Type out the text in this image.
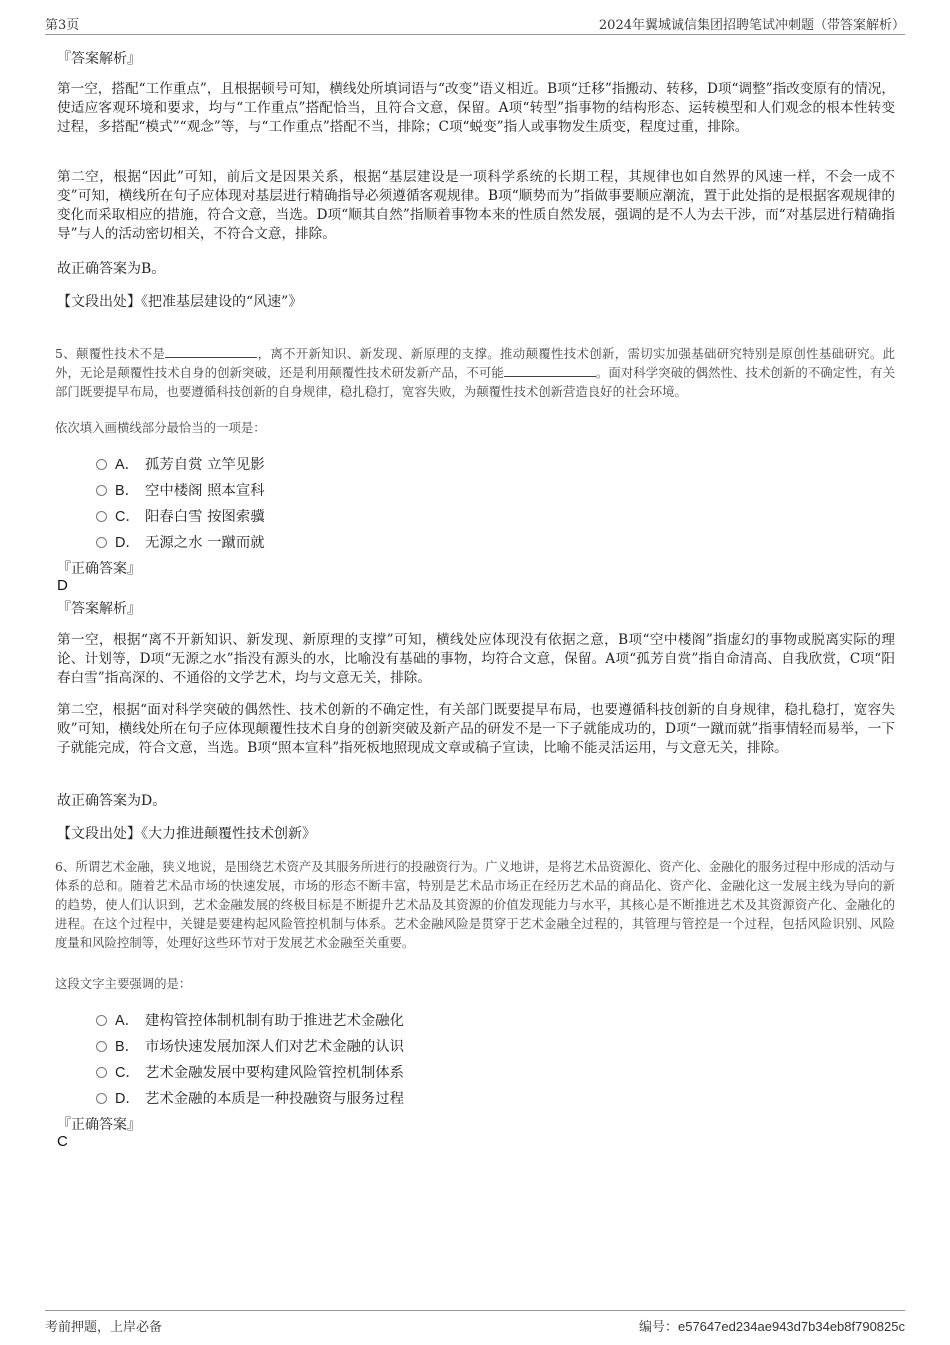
第3页	2024年翼城诚信集团招聘笔试冲刺题（带答案解析）
『答案解析』

第一空，搭配“工作重点”，且根据顿号可知，横线处所填词语与“改变”语义相近。B项“迁移”指搬动、转移，D项“调整”指改变原有的情况，使适应客观环境和要求，均与“工作重点”搭配恰当，且符合文意，保留。A项“转型”指事物的结构形态、运转模型和人们观念的根本性转变过程，多搭配“模式”“观念”等，与“工作重点”搭配不当，排除；C项“蜕变”指人或事物发生质变，程度过重，排除。

第二空，根据“因此”可知，前后文是因果关系，根据“基层建设是一项科学系统的长期工程，其规律也如自然界的风速一样，不会一成不变”可知，横线所在句子应体现对基层进行精确指导必须遵循客观规律。B项“顺势而为”指做事要顺应潮流，置于此处指的是根据客观规律的变化而采取相应的措施，符合文意，当选。D项“顺其自然”指顺着事物本来的性质自然发展，强调的是不人为去干涉，而“对基层进行精确指导”与人的活动密切相关，不符合文意，排除。

故正确答案为B。
【文段出处】《把准基层建设的“风速”》
5、颠覆性技术不是	，离不开新知识、新发现、新原理的支撑。推动颠覆性技术创新，需切实加强基础研究特别是原创性基础研究。此外，无论是颠覆性技术自身的创新突破，还是利用颠覆性技术研发新产品，不可能	。面对科学突破的偶然性、技术创新的不确定性，有关部门既要提早布局，也要遵循科技创新的自身规律，稳扎稳打，宽容失败，为颠覆性技术创新营造良好的社会环境。
依次填入画横线部分最恰当的一项是：
A． 孤芳自赏 立竿见影
B． 空中楼阁 照本宣科
C． 阳春白雪 按图索骥
D． 无源之水 一蹴而就
『正确答案』
D
『答案解析』

第一空，根据“离不开新知识、新发现、新原理的支撑”可知，横线处应体现没有依据之意，B项“空中楼阁”指虚幻的事物或脱离实际的理论、计划等，D项“无源之水”指没有源头的水，比喻没有基础的事物，均符合文意，保留。A项“孤芳自赏”指自命清高、自我欣赏，C项“阳春白雪”指高深的、不通俗的文学艺术，均与文意无关，排除。

第二空，根据“面对科学突破的偶然性、技术创新的不确定性，有关部门既要提早布局，也要遵循科技创新的自身规律，稳扎稳打，宽容失败”可知，横线处所在句子应体现颠覆性技术自身的创新突破及新产品的研发不是一下子就能成功的，D项“一蹴而就”指事情轻而易举，一下子就能完成，符合文意，当选。B项“照本宣科”指死板地照现成文章或稿子宣读，比喻不能灵活运用，与文意无关，排除。

故正确答案为D。
【文段出处】《大力推进颠覆性技术创新》
6、所谓艺术金融，狭义地说，是围绕艺术资产及其服务所进行的投融资行为。广义地讲，是将艺术品资源化、资产化、金融化的服务过程中形成的活动与体系的总和。随着艺术品市场的快速发展，市场的形态不断丰富，特别是艺术品市场正在经历艺术品的商品化、资产化、金融化这一发展主线为导向的新的趋势，使人们认识到，艺术金融发展的终极目标是不断提升艺术品及其资源的价值发现能力与水平，其核心是不断推进艺术及其资源资产化、金融化的进程。在这个过程中，关键是要建构起风险管控机制与体系。艺术金融风险是贯穿于艺术金融全过程的，其管理与管控是一个过程，包括风险识别、风险度量和风险控制等，处理好这些环节对于发展艺术金融至关重要。
这段文字主要强调的是：
A． 建构管控体制机制有助于推进艺术金融化
B． 市场快速发展加深人们对艺术金融的认识
C． 艺术金融发展中要构建风险管控机制体系
D． 艺术金融的本质是一种投融资与服务过程
『正确答案』
C
考前押题，上岸必备	编号：e57647ed234ae943d7b34eb8f790825c
